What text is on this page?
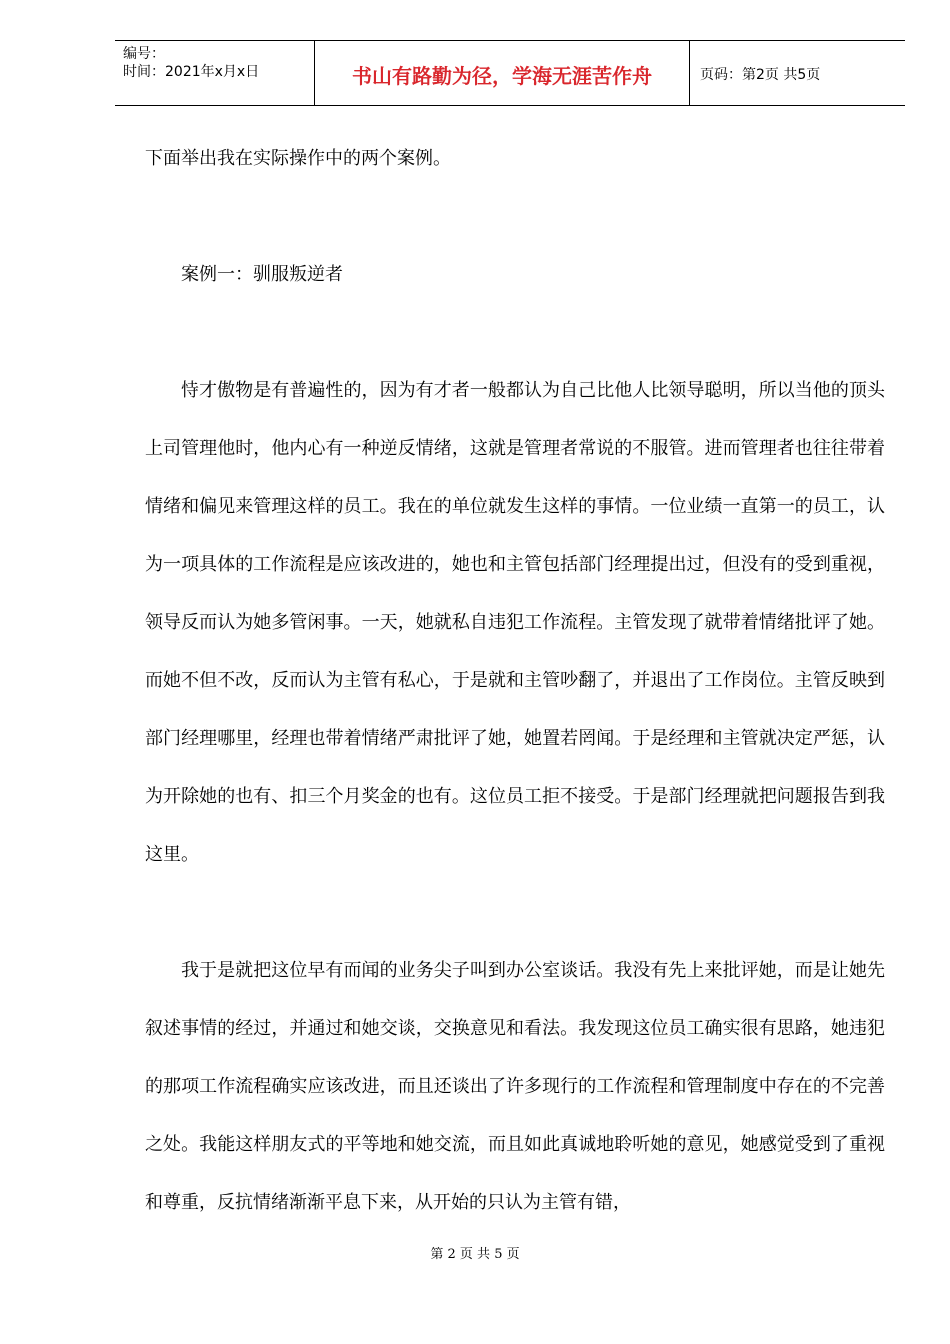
编号：
时间：2021年x月x日	书山有路勤为径，学海无涯苦作舟	页码：第2页 共5页

下面举出我在实际操作中的两个案例。

案例一：驯服叛逆者

恃才傲物是有普遍性的，因为有才者一般都认为自己比他人比领导聪明，所以当他的顶头上司管理他时，他内心有一种逆反情绪，这就是管理者常说的不服管。进而管理者也往往带着情绪和偏见来管理这样的员工。我在的单位就发生这样的事情。一位业绩一直第一的员工，认为一项具体的工作流程是应该改进的，她也和主管包括部门经理提出过，但没有的受到重视，领导反而认为她多管闲事。一天，她就私自违犯工作流程。主管发现了就带着情绪批评了她。而她不但不改，反而认为主管有私心，于是就和主管吵翻了，并退出了工作岗位。主管反映到部门经理哪里，经理也带着情绪严肃批评了她，她置若罔闻。于是经理和主管就决定严惩，认为开除她的也有、扣三个月奖金的也有。这位员工拒不接受。于是部门经理就把问题报告到我这里。

我于是就把这位早有而闻的业务尖子叫到办公室谈话。我没有先上来批评她，而是让她先叙述事情的经过，并通过和她交谈，交换意见和看法。我发现这位员工确实很有思路，她违犯的那项工作流程确实应该改进，而且还谈出了许多现行的工作流程和管理制度中存在的不完善之处。我能这样朋友式的平等地和她交流，而且如此真诚地聆听她的意见，她感觉受到了重视和尊重，反抗情绪渐渐平息下来，从开始的只认为主管有错，

第 2 页 共 5 页
